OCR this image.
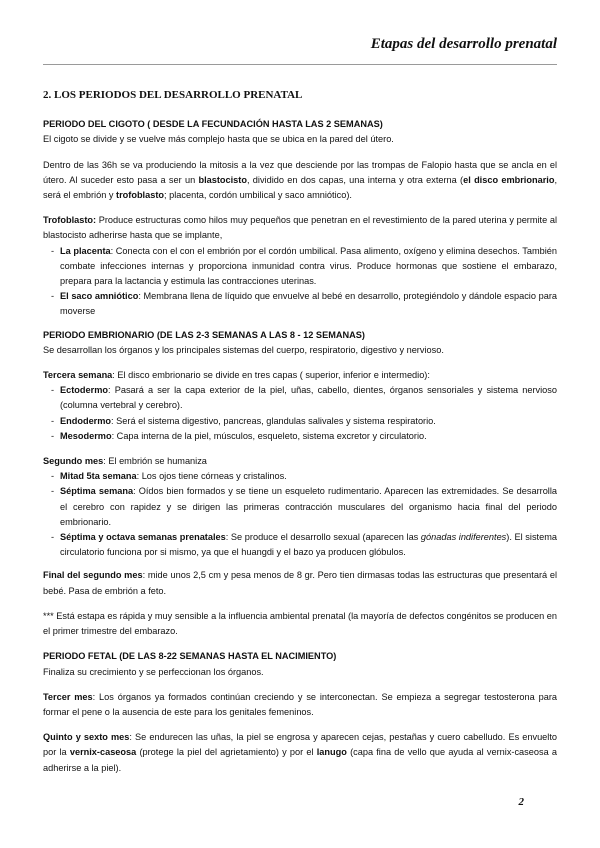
Etapas del desarrollo prenatal
2. LOS PERIODOS DEL DESARROLLO PRENATAL

PERIODO DEL CIGOTO ( DESDE LA FECUNDACIÓN HASTA LAS 2 SEMANAS)
El cigoto se divide y se vuelve más complejo hasta que se ubica en la pared del útero.

Dentro de las 36h se va produciendo la mitosis a la vez que desciende por las trompas de Falopio hasta que se ancla en el útero. Al suceder esto pasa a ser un blastocisto, dividido en dos capas, una interna y otra externa (el disco embrionario, será el embrión y trofoblasto; placenta, cordón umbilical y saco amniótico).

Trofoblasto: Produce estructuras como hilos muy pequeños que penetran en el revestimiento de la pared uterina y permite al blastocisto adherirse hasta que se implante,

- La placenta: Conecta con el con el embrión por el cordón umbilical. Pasa alimento, oxígeno y elimina desechos. También combate infecciones internas y proporciona inmunidad contra virus. Produce hormonas que sostiene el embarazo, prepara para la lactancia y estimula las contracciones uterinas.
- El saco amniótico: Membrana llena de líquido que envuelve al bebé en desarrollo, protegiéndolo y dándole espacio para moverse

PERIODO EMBRIONARIO (DE LAS 2-3 SEMANAS A LAS 8 - 12 SEMANAS)
Se desarrollan los órganos y los principales sistemas del cuerpo, respiratorio, digestivo y nervioso.

Tercera semana: El disco embrionario se divide en tres capas ( superior, inferior e intermedio):

- Ectodermo: Pasará a ser la capa exterior de la piel, uñas, cabello, dientes, órganos sensoriales y sistema nervioso (columna vertebral y cerebro).
- Endodermo: Será el sistema digestivo, pancreas, glandulas salivales y sistema respiratorio.
- Mesodermo: Capa interna de la piel, músculos, esqueleto, sistema excretor y circulatorio.

Segundo mes: El embrión se humaniza

- Mitad 5ta semana: Los ojos tiene córneas y cristalinos.
- Séptima semana: Oídos bien formados y se tiene un esqueleto rudimentario. Aparecen las extremidades. Se desarrolla el cerebro con rapidez y se dirigen las primeras contracción musculares del organismo hacia final del periodo embrionario.
- Séptima y octava semanas prenatales: Se produce el desarrollo sexual (aparecen las gónadas indiferentes). El sistema circulatorio funciona por si mismo, ya que el huangdi y el bazo ya producen glóbulos.

Final del segundo mes: mide unos 2,5 cm y pesa menos de 8 gr. Pero tien dirmasas todas las estructuras que presentará el bebé. Pasa de embrión a feto.

*** Está estapa es rápida y muy sensible a la influencia ambiental prenatal (la mayoría de defectos congénitos se producen en el primer trimestre del embarazo.

PERIODO FETAL (DE LAS 8-22 SEMANAS HASTA EL NACIMIENTO)
Finaliza su crecimiento y se perfeccionan los órganos.

Tercer mes: Los órganos ya formados continúan creciendo y se interconectan. Se empieza a segregar testosterona para formar el pene o la ausencia de este para los genitales femeninos.

Quinto y sexto mes: Se endurecen las uñas, la piel se engrosa y aparecen cejas, pestañas y cuero cabelludo. Es envuelto por la vernix-caseosa (protege la piel del agrietamiento) y por el lanugo (capa fina de vello que ayuda al vernix-caseosa a adherirse a la piel).

2
